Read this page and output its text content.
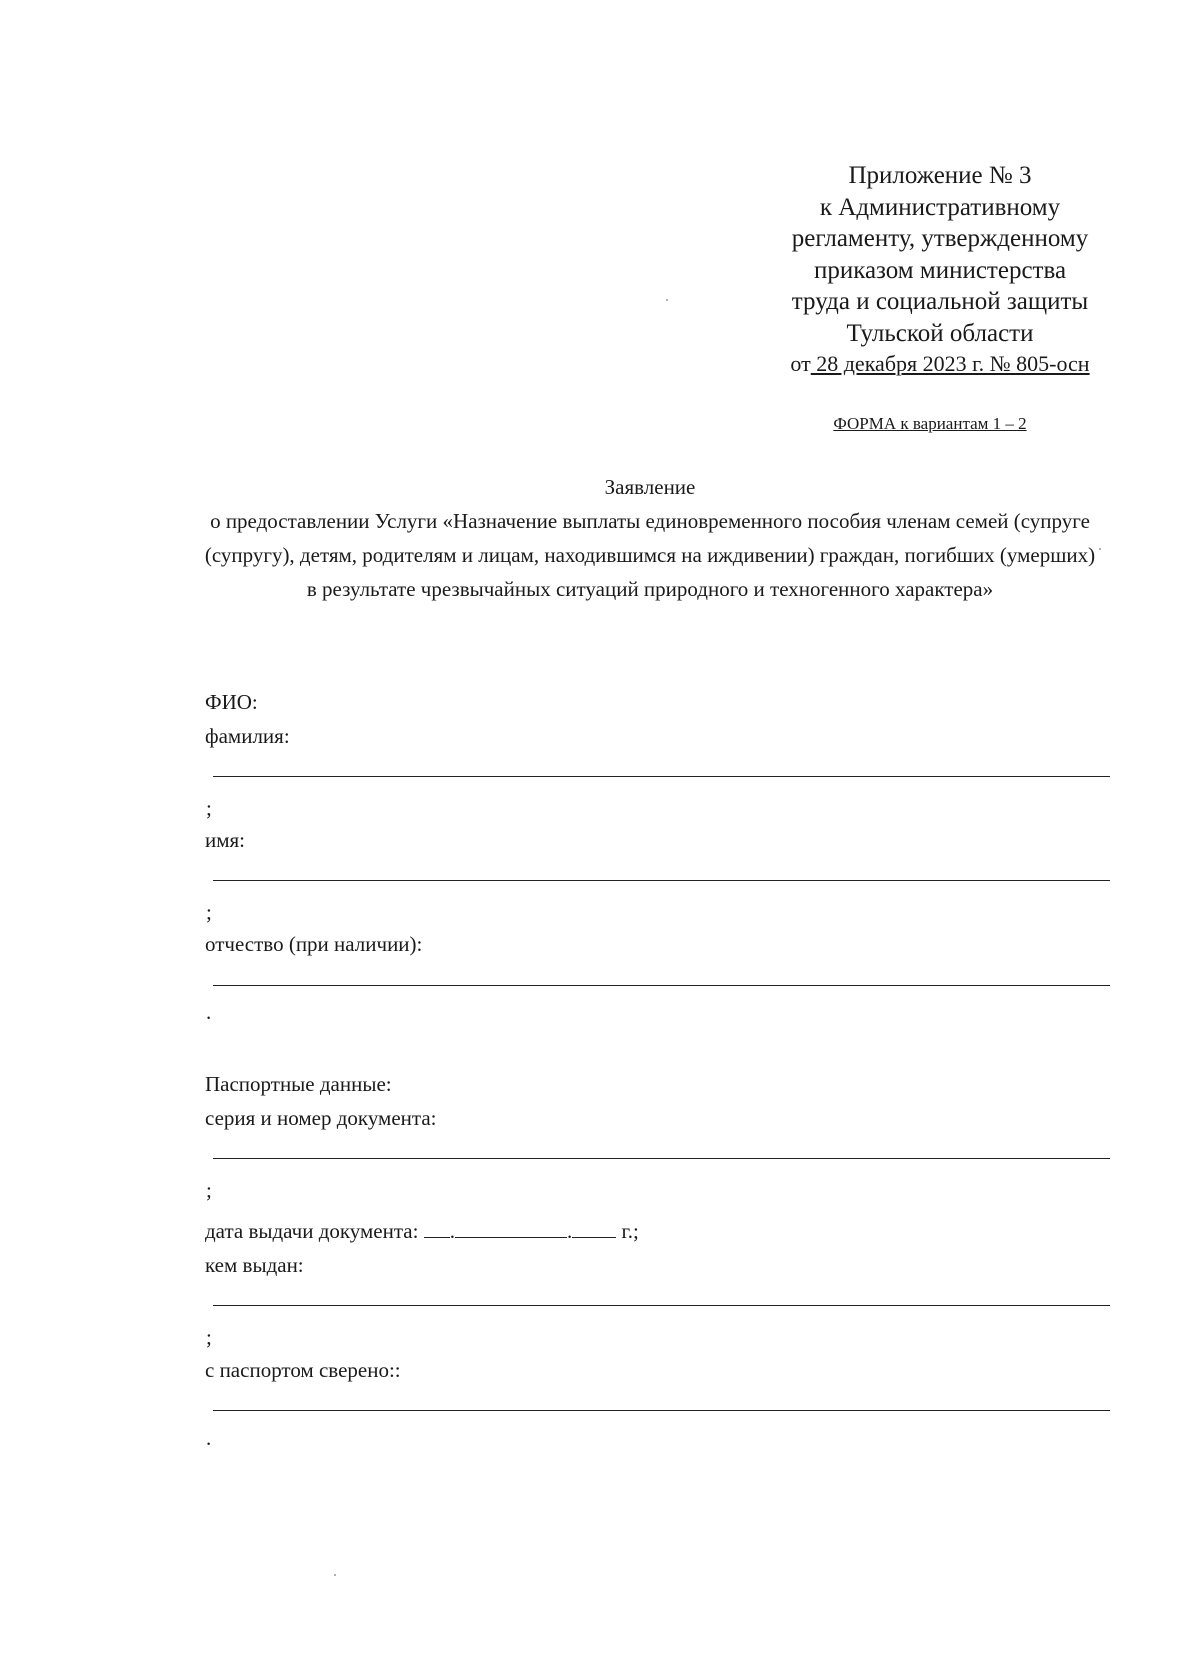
Приложение № 3
к Административному
регламенту, утвержденному
приказом министерства
труда и социальной защиты
Тульской области
от 28 декабря 2023 г. № 805-осн
ФОРМА к вариантам 1 – 2
Заявление
о предоставлении Услуги «Назначение выплаты единовременного пособия членам семей (супруге (супругу), детям, родителям и лицам, находившимся на иждивении) граждан, погибших (умерших) в результате чрезвычайных ситуаций природного и техногенного характера»
ФИО:
фамилия:
;
имя:
;
отчество (при наличии):
.
Паспортные данные:
серия и номер документа:
;
дата выдачи документа: .	. г.;
кем выдан:
;
с паспортом сверено::
.
